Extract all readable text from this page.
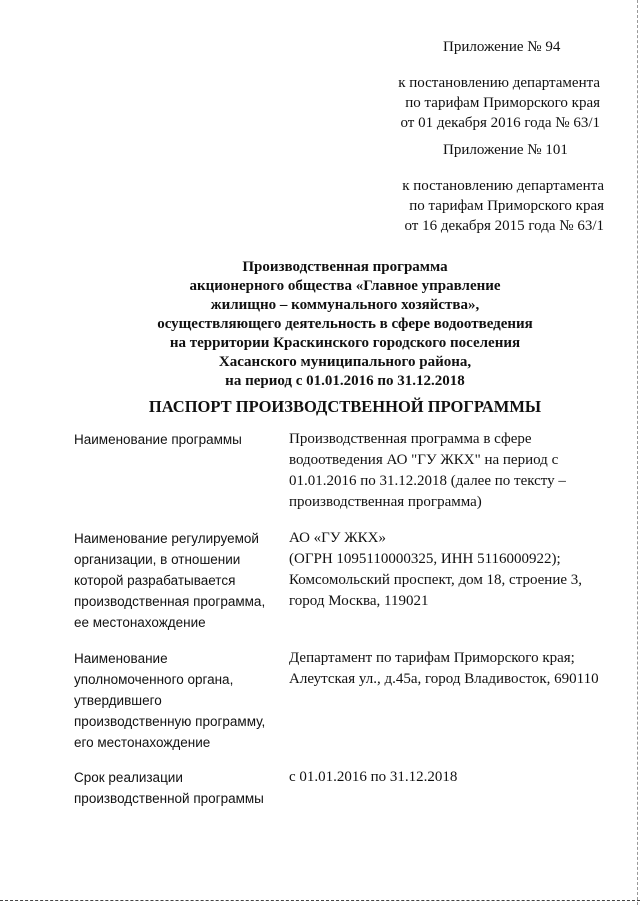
Приложение № 94
к постановлению департамента
по тарифам Приморского края
от 01 декабря 2016 года № 63/1
Приложение № 101
к постановлению департамента
по тарифам Приморского края
от 16 декабря 2015 года № 63/1
Производственная программа
акционерного общества «Главное управление
жилищно – коммунального хозяйства»,
осуществляющего деятельность в сфере водоотведения
на территории Краскинского городского поселения
Хасанского муниципального района,
на период с 01.01.2016 по 31.12.2018
ПАСПОРТ ПРОИЗВОДСТВЕННОЙ ПРОГРАММЫ
Наименование программы	Производственная программа в сфере
водоотведения АО "ГУ ЖКХ" на период с
01.01.2016 по 31.12.2018 (далее по тексту –
производственная программа)
Наименование регулируемой
организации, в отношении
которой разрабатывается
производственная программа,
ее местонахождение
АО «ГУ ЖКХ»
(ОГРН 1095110000325, ИНН 5116000922);
Комсомольский проспект, дом 18, строение 3,
город Москва, 119021
Наименование
уполномоченного органа,
утвердившего
производственную программу,
его местонахождение
Департамент по тарифам Приморского края;
Алеутская ул., д.45а, город Владивосток, 690110
Срок реализации
производственной программы
с 01.01.2016 по 31.12.2018
